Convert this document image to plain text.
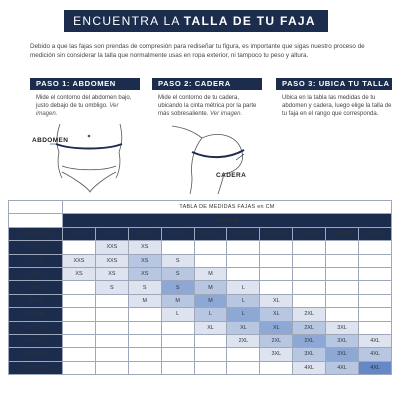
ENCUENTRA LA TALLA DE TU FAJA

Debido a que las fajas son prendas de compresión para rediseñar tu figura, es importante que sigas nuestro proceso de medición sin considerar la talla que normalmente usas en ropa exterior, ni tampoco tu peso y altura.

PASO 1: ABDOMEN

Mide el contorno del abdomen bajo, justo debajo de tu ombligo. Ver imagen.

PASO 2: CADERA

Mide el contorno de tu cadera, ubicando la cinta métrica por la parte más sobresaliente. Ver imagen.

PASO 3: UBICA TU TALLA

Ubica en la tabla las medidas de tu abdomen y cadera, luego elige la talla de tu faja en el rango que corresponda.

ABDOMEN

CADERA

	TABLA DE MEDIDAS FAJAS en CM									
	CADERA									
ABDOMEN	65-73	74-81	82-89	90-97	98-105	106-113	114-121	122-129	130-137	138-145
60-66		XXS	XS							
67-74	XXS	XXS	XS	S						
75-82	XS	XS	XS	S	M					
83-90		S	S	S	M	L				
91-98			M	M	M	L	XL			
99-106				L	L	L	XL	2XL		
107-114					XL	XL	XL	2XL	3XL	
115-122						2XL	2XL	2XL	3XL	4XL
123-130							3XL	3XL	3XL	4XL
131-138								4XL	4XL	4XL
